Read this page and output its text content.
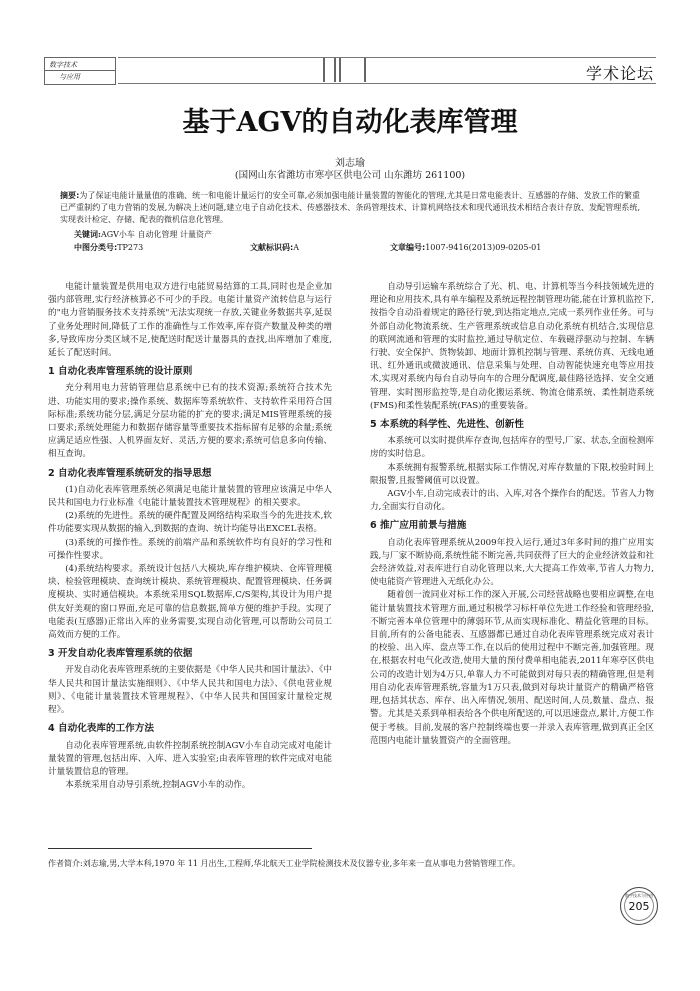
数字技术
与应用	学术论坛
基于AGV的自动化表库管理
刘志瑜
(国网山东省潍坊市寒亭区供电公司 山东潍坊 261100)
摘要:为了保证电能计量量值的准确、统一和电能计量运行的安全可靠,必须加强电能计量装置的智能化的管理,尤其是日常电能表计、互感器的存储、发放工作的繁重已严重制约了电力营销的发展,为解决上述问题,建立电子自动化技术、传感器技术、条码管理技术、计算机网络技术和现代通讯技术相结合表计存放、发配管理系统,实现表计检定、存储、配表的微机信息化管理。
关键词:AGV小车 自动化管理 计量资产
中图分类号:TP273	文献标识码:A	文章编号:1007-9416(2013)09-0205-01

电能计量装置是供用电双方进行电能贸易结算的工具,同时也是企业加强内部管理,实行经济核算必不可少的手段。电能计量资产流转信息与运行的"电力营销服务技术支持系统"无法实现统一存放,关键业务数据共享,延误了业务处理时间,降低了工作的准确性与工作效率,库存资产数量及种类的增多,导致库房分类区域不足,使配送时配送计量器具的查找,出库增加了难度,延长了配送时间。

1 自动化表库管理系统的设计原则

充分利用电力营销管理信息系统中已有的技术资源;系统符合技术先进、功能实用的要求;操作系统、数据库等系统软件、支持软件采用符合国际标准;系统功能分层,满足分层功能的扩充的要求;满足MIS管理系统的接口要求;系统处理能力和数据存储容量等重要技术指标留有足够的余量;系统应满足适应性强、人机界面友好、灵活,方便的要求;系统可信息多向传输、相互查询。

2 自动化表库管理系统研发的指导思想

(1)自动化表库管理系统必须满足电能计量装置的管理应该满足中华人民共和国电力行业标准《电能计量装置技术管理规程》的相关要求。

(2)系统的先进性。系统的硬件配置及网络结构采取当今的先进技术,软件功能要实现从数据的输入,到数据的查询、统计均能导出EXCEL表格。

(3)系统的可操作性。系统的前端产品和系统软件均有良好的学习性和可操作性要求。

(4)系统结构要求。系统设计包括八大模块,库存维护模块、仓库管理模块、检验管理模块、查询统计模块、系统管理模块、配置管理模块、任务调度模块、实时通信模块。本系统采用SQL数据库,C/S架构,其设计为用户提供友好美观的窗口界面,充足可靠的信息数据,简单方便的维护手段。实现了电能表(互感器)正常出入库的业务需要,实现自动化管理,可以帮助公司员工高效而方便的工作。

3 开发自动化表库管理系统的依据

开发自动化表库管理系统的主要依据是《中华人民共和国计量法》、《中华人民共和国计量法实施细则》、《中华人民共和国电力法》、《供电营业规则》、《电能计量装置技术管理规程》、《中华人民共和国国家计量检定规程》。

4 自动化表库的工作方法

自动化表库管理系统,由软件控制系统控制AGV小车自动完成对电能计量装置的管理,包括出库、入库、进入实验室;由表库管理的软件完成对电能计量装置信息的管理。

本系统采用自动导引系统,控制AGV小车的动作。

自动导引运输车系统综合了光、机、电、计算机等当今科技领域先进的理论和应用技术,具有单车编程及系统远程控制管理功能,能在计算机监控下,按指令自动沿着规定的路径行驶,到达指定地点,完成一系列作业任务。可与外部自动化物流系统、生产管理系统或信息自动化系统有机结合,实现信息的联网流通和管理的实时监控,通过导航定位、车载磁浮驱动与控制、车辆行驶、安全保护、货物装卸、地面计算机控制与管理、系统仿真、无线电通讯、红外通讯或微波通讯、信息采集与处理、自动智能快速充电等应用技术,实现对系统内每台自动导向车的合理分配调度,最佳路径选择、安全交通管理、实时图形监控等,是自动化搬运系统、物流仓储系统、柔性制造系统(FMS)和柔性装配系统(FAS)的重要装备。

5 本系统的科学性、先进性、创新性

本系统可以实时提供库存查询,包括库存的型号,厂家、状态,全面检测库房的实时信息。

本系统拥有报警系统,根据实际工作情况,对库存数量的下限,校验时间上限报警,且报警阈值可以设置。

AGV小车,自动完成表计的出、入库,对各个操作台的配送。节省人力物力,全面实行自动化。

6 推广应用前景与措施

自动化表库管理系统从2009年投入运行,通过3年多时间的推广应用实践,与厂家不断协商,系统性能不断完善,共同获得了巨大的企业经济效益和社会经济效益,对表库进行自动化管理以来,大大提高工作效率,节省人力物力,使电能资产管理进入无纸化办公。

随着创一流同业对标工作的深入开展,公司经营战略也要相应调整,在电能计量装置技术管理方面,通过积极学习标杆单位先进工作经验和管理经验,不断完善本单位管理中的薄弱环节,从而实现标准化、精益化管理的目标。目前,所有的公备电能表、互感器都已通过自动化表库管理系统完成对表计的校验、出入库、盘点等工作,在以后的使用过程中不断完善,加强管理。现在,根据农村电气化改造,使用大量的预付费单相电能表,2011年寒亭区供电公司的改造计划为4万只,单靠人力不可能做到对每只表的精确管理,但是利用自动化表库管理系统,容量为1万只表,做到对每块计量资产的精确严格管理,包括其状态、库存、出入库情况,领用、配送时间,人员,数量、盘点、报警。尤其是关系到单相表给各个供电所配送的,可以迅速盘点,累计,方便工作便于考核。目前,发展的客户控制终端也要一并录入表库管理,做到真正全区范围内电能计量装置资产的全面管理。

作者简介:刘志瑜,男,大学本科,1970 年 11 月出生,工程师,华北航天工业学院检测技术及仪器专业,多年来一直从事电力营销管理工作。
数字技术与应用
205
